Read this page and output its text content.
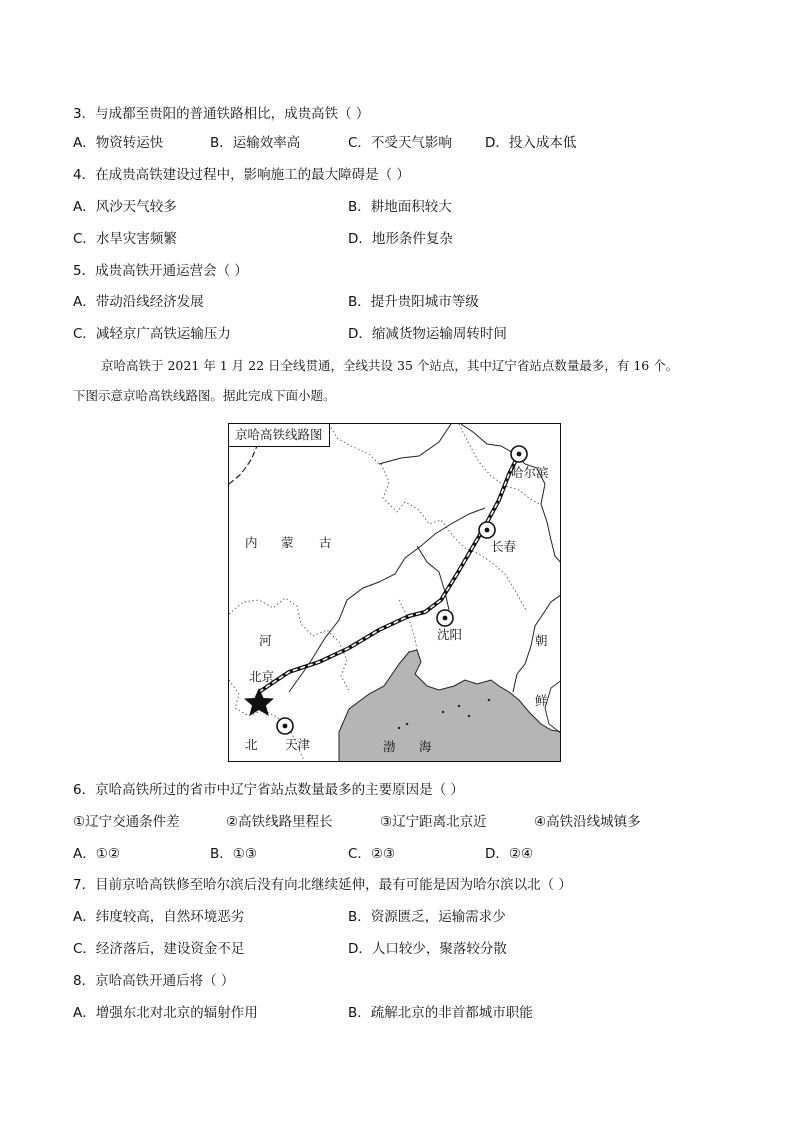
3．与成都至贵阳的普通铁路相比，成贵高铁（ ）
A．物资转运快	B．运输效率高	C．不受天气影响 D．投入成本低
4．在成贵高铁建设过程中，影响施工的最大障碍是（ ）
A．风沙天气较多	B．耕地面积较大
C．水旱灾害频繁	D．地形条件复杂
5．成贵高铁开通运营会（ ）
A．带动沿线经济发展	B．提升贵阳城市等级
C．减轻京广高铁运输压力	D．缩减货物运输周转时间
京哈高铁于 2021 年 1 月 22 日全线贯通，全线共设 35 个站点，其中辽宁省站点数量最多，有 16 个。
下图示意京哈高铁线路图。据此完成下面小题。
京哈高铁线路图
哈尔滨
长春
沈阳
北京
天津
内 蒙 古
河
北
朝
鲜
渤 海
6．京哈高铁所过的省市中辽宁省站点数量最多的主要原因是（ ）
①辽宁交通条件差	②高铁线路里程长	③辽宁距离北京近	④高铁沿线城镇多
A．①②	B．①③	C．②③	D．②④
7．目前京哈高铁修至哈尔滨后没有向北继续延伸，最有可能是因为哈尔滨以北（ ）
A．纬度较高，自然环境恶劣	B．资源匮乏，运输需求少
C．经济落后，建设资金不足	D．人口较少，聚落较分散
8．京哈高铁开通后将（ ）
A．增强东北对北京的辐射作用	B．疏解北京的非首都城市职能
